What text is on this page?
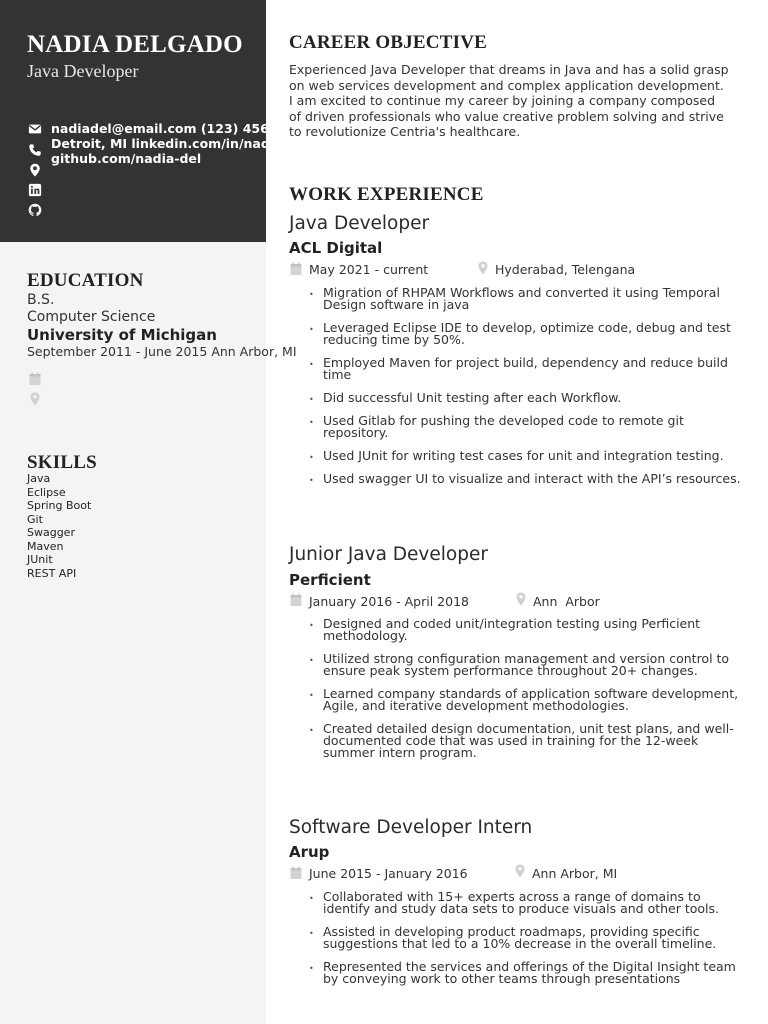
NADIA DELGADO
Java Developer
nadiadel@email.com (123) 456-7890
Detroit, MI linkedin.com/in/nadia-del
github.com/nadia-del
EDUCATION
B.S.
Computer Science
University of Michigan
September 2011 - June 2015 Ann Arbor, MI
SKILLS
Java
Eclipse
Spring Boot
Git
Swagger
Maven
JUnit
REST API
CAREER OBJECTIVE
Experienced Java Developer that dreams in Java and has a solid grasp on web services development and complex application development. I am excited to continue my career by joining a company composed of driven professionals who value creative problem solving and strive to revolutionize Centria's healthcare.
WORK EXPERIENCE
Java Developer
ACL Digital
May 2021 - current	Hyderabad, Telengana
• Migration of RHPAM Workflows and converted it using Temporal Design software in java
• Leveraged Eclipse IDE to develop, optimize code, debug and test reducing time by 50%.
• Employed Maven for project build, dependency and reduce build time
• Did successful Unit testing after each Workflow.
• Used Gitlab for pushing the developed code to remote git repository.
• Used JUnit for writing test cases for unit and integration testing.
• Used swagger UI to visualize and interact with the API’s resources.
Junior Java Developer
Perficient
January 2016 - April 2018	Ann  Arbor
• Designed and coded unit/integration testing using Perficient methodology.
• Utilized strong configuration management and version control to ensure peak system performance throughout 20+ changes.
• Learned company standards of application software development, Agile, and iterative development methodologies.
• Created detailed design documentation, unit test plans, and well-documented code that was used in training for the 12-week summer intern program.
Software Developer Intern
Arup
June 2015 - January 2016	Ann Arbor, MI
• Collaborated with 15+ experts across a range of domains to identify and study data sets to produce visuals and other tools.
• Assisted in developing product roadmaps, providing specific suggestions that led to a 10% decrease in the overall timeline.
• Represented the services and offerings of the Digital Insight team by conveying work to other teams through presentations
